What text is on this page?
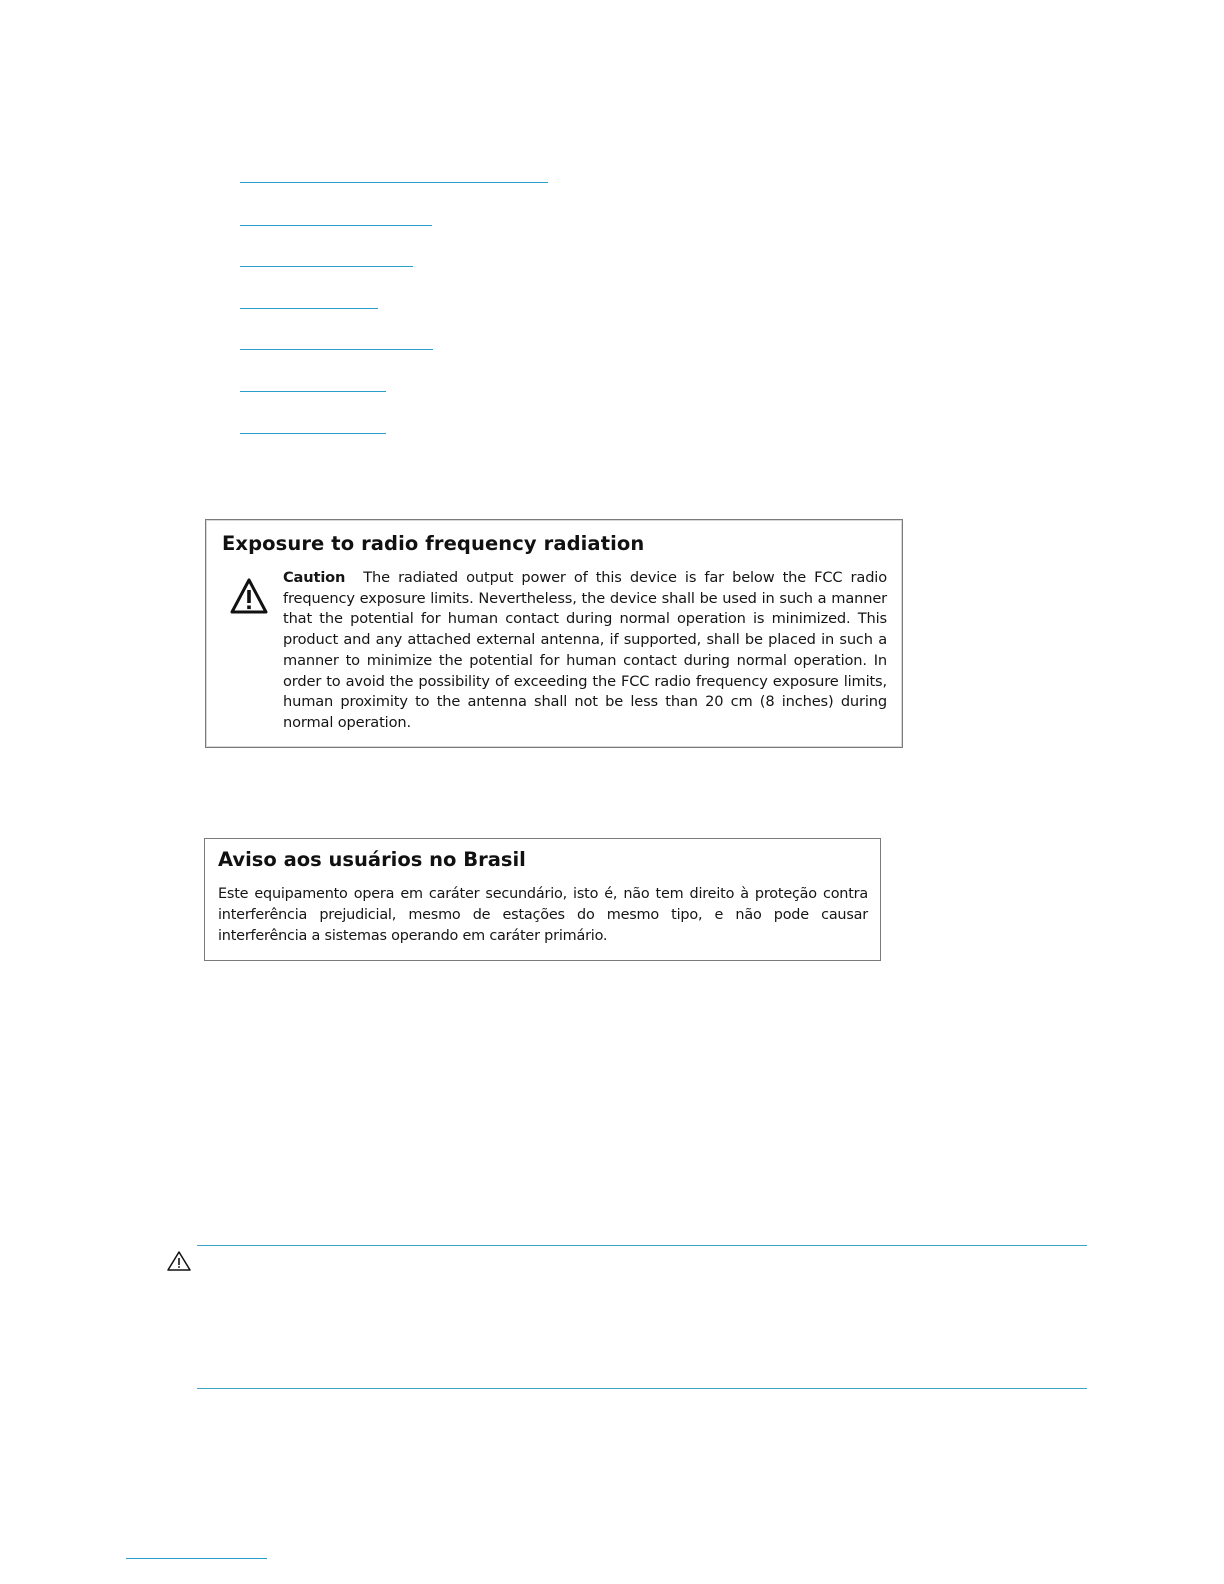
Exposure to radio frequency radiation
Caution The radiated output power of this device is far below the FCC radio frequency exposure limits. Nevertheless, the device shall be used in such a manner that the potential for human contact during normal operation is minimized. This product and any attached external antenna, if supported, shall be placed in such a manner to minimize the potential for human contact during normal operation. In order to avoid the possibility of exceeding the FCC radio frequency exposure limits, human proximity to the antenna shall not be less than 20 cm (8 inches) during normal operation.
Aviso aos usuários no Brasil
Este equipamento opera em caráter secundário, isto é, não tem direito à proteção contra interferência prejudicial, mesmo de estações do mesmo tipo, e não pode causar interferência a sistemas operando em caráter primário.
